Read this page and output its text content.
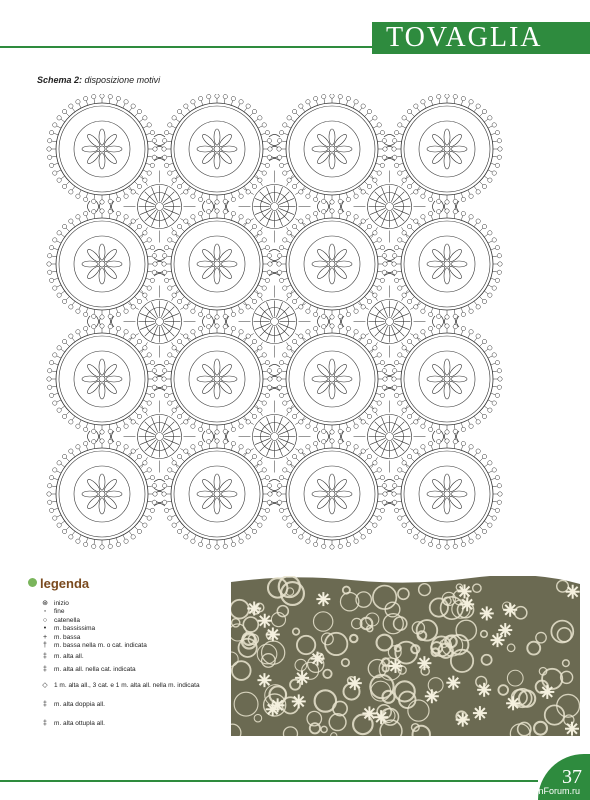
TOVAGLIA
Schema 2: disposizione motivi
legenda
⊛ inizio
◦	fine
○	catenella
•	m. bassissima
+	m. bassa
†	m. bassa nella m. o cat. indicata
‡	m. alta all.
‡	m. alta all. nella cat. indicata
◇ 1 m. alta all., 3 cat. e 1 m. alta all. nella m. indicata
‡	m. alta doppia all.
‡	m. alta ottupla all.
37
PassionForum.ru
